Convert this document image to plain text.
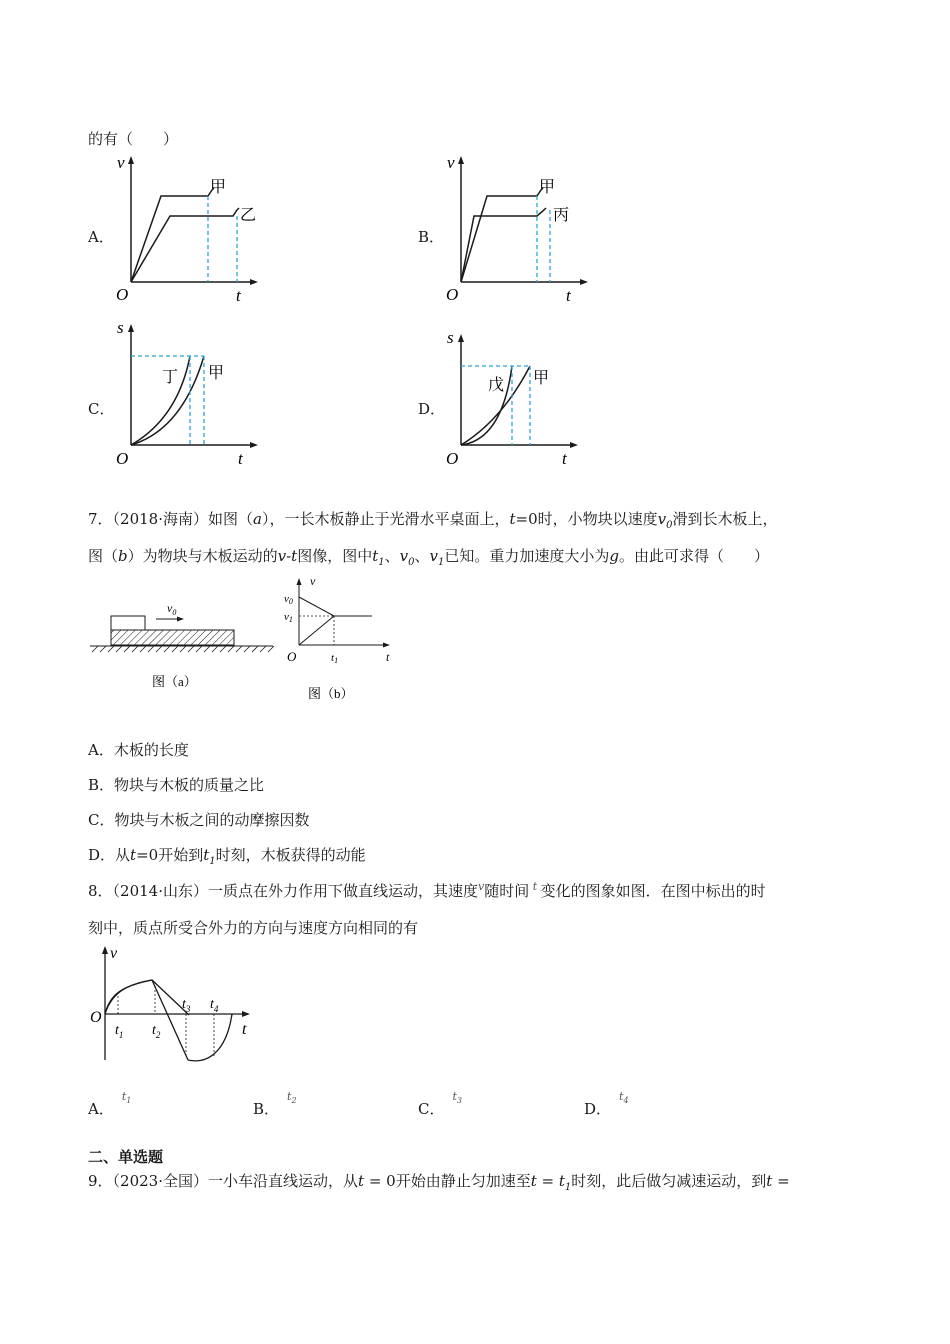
的有（　　）
A．
v
t
O
甲
乙
B．
v
t
O
甲
丙
C．
s
t
O
丁 甲
D．
s
t
O
戊 甲
7．（2018·海南）如图（a），一长木板静止于光滑水平桌面上，t=0时，小物块以速度$v_0$滑到长木板上，
图（b）为物块与木板运动的v-t图像，图中$t_1$、$v_0$、$v_1$已知。重力加速度大小为g。由此可求得（　　）
$v_0$
图（a）
v
t
O
v0
v1
t1
图（b）
A．木板的长度
B．物块与木板的质量之比
C．物块与木板之间的动摩擦因数
D．从t=0开始到$t_1$时刻，木板获得的动能
8．（2014·山东）一质点在外力作用下做直线运动，其速度$^v$随时间 $^t$ 变化的图象如图．在图中标出的时
刻中，质点所受合外力的方向与速度方向相同的有
v
t
O
$t_1$ $t_2$
$t_3$ $t_4$
A．$^{t_1}$	B．$^{t_2}$	C．$^{t_3}$	D．$^{t_4}$
二、单选题
9．（2023·全国）一小车沿直线运动，从t = 0开始由静止匀加速至$t = t_1$时刻，此后做匀减速运动，到t =
